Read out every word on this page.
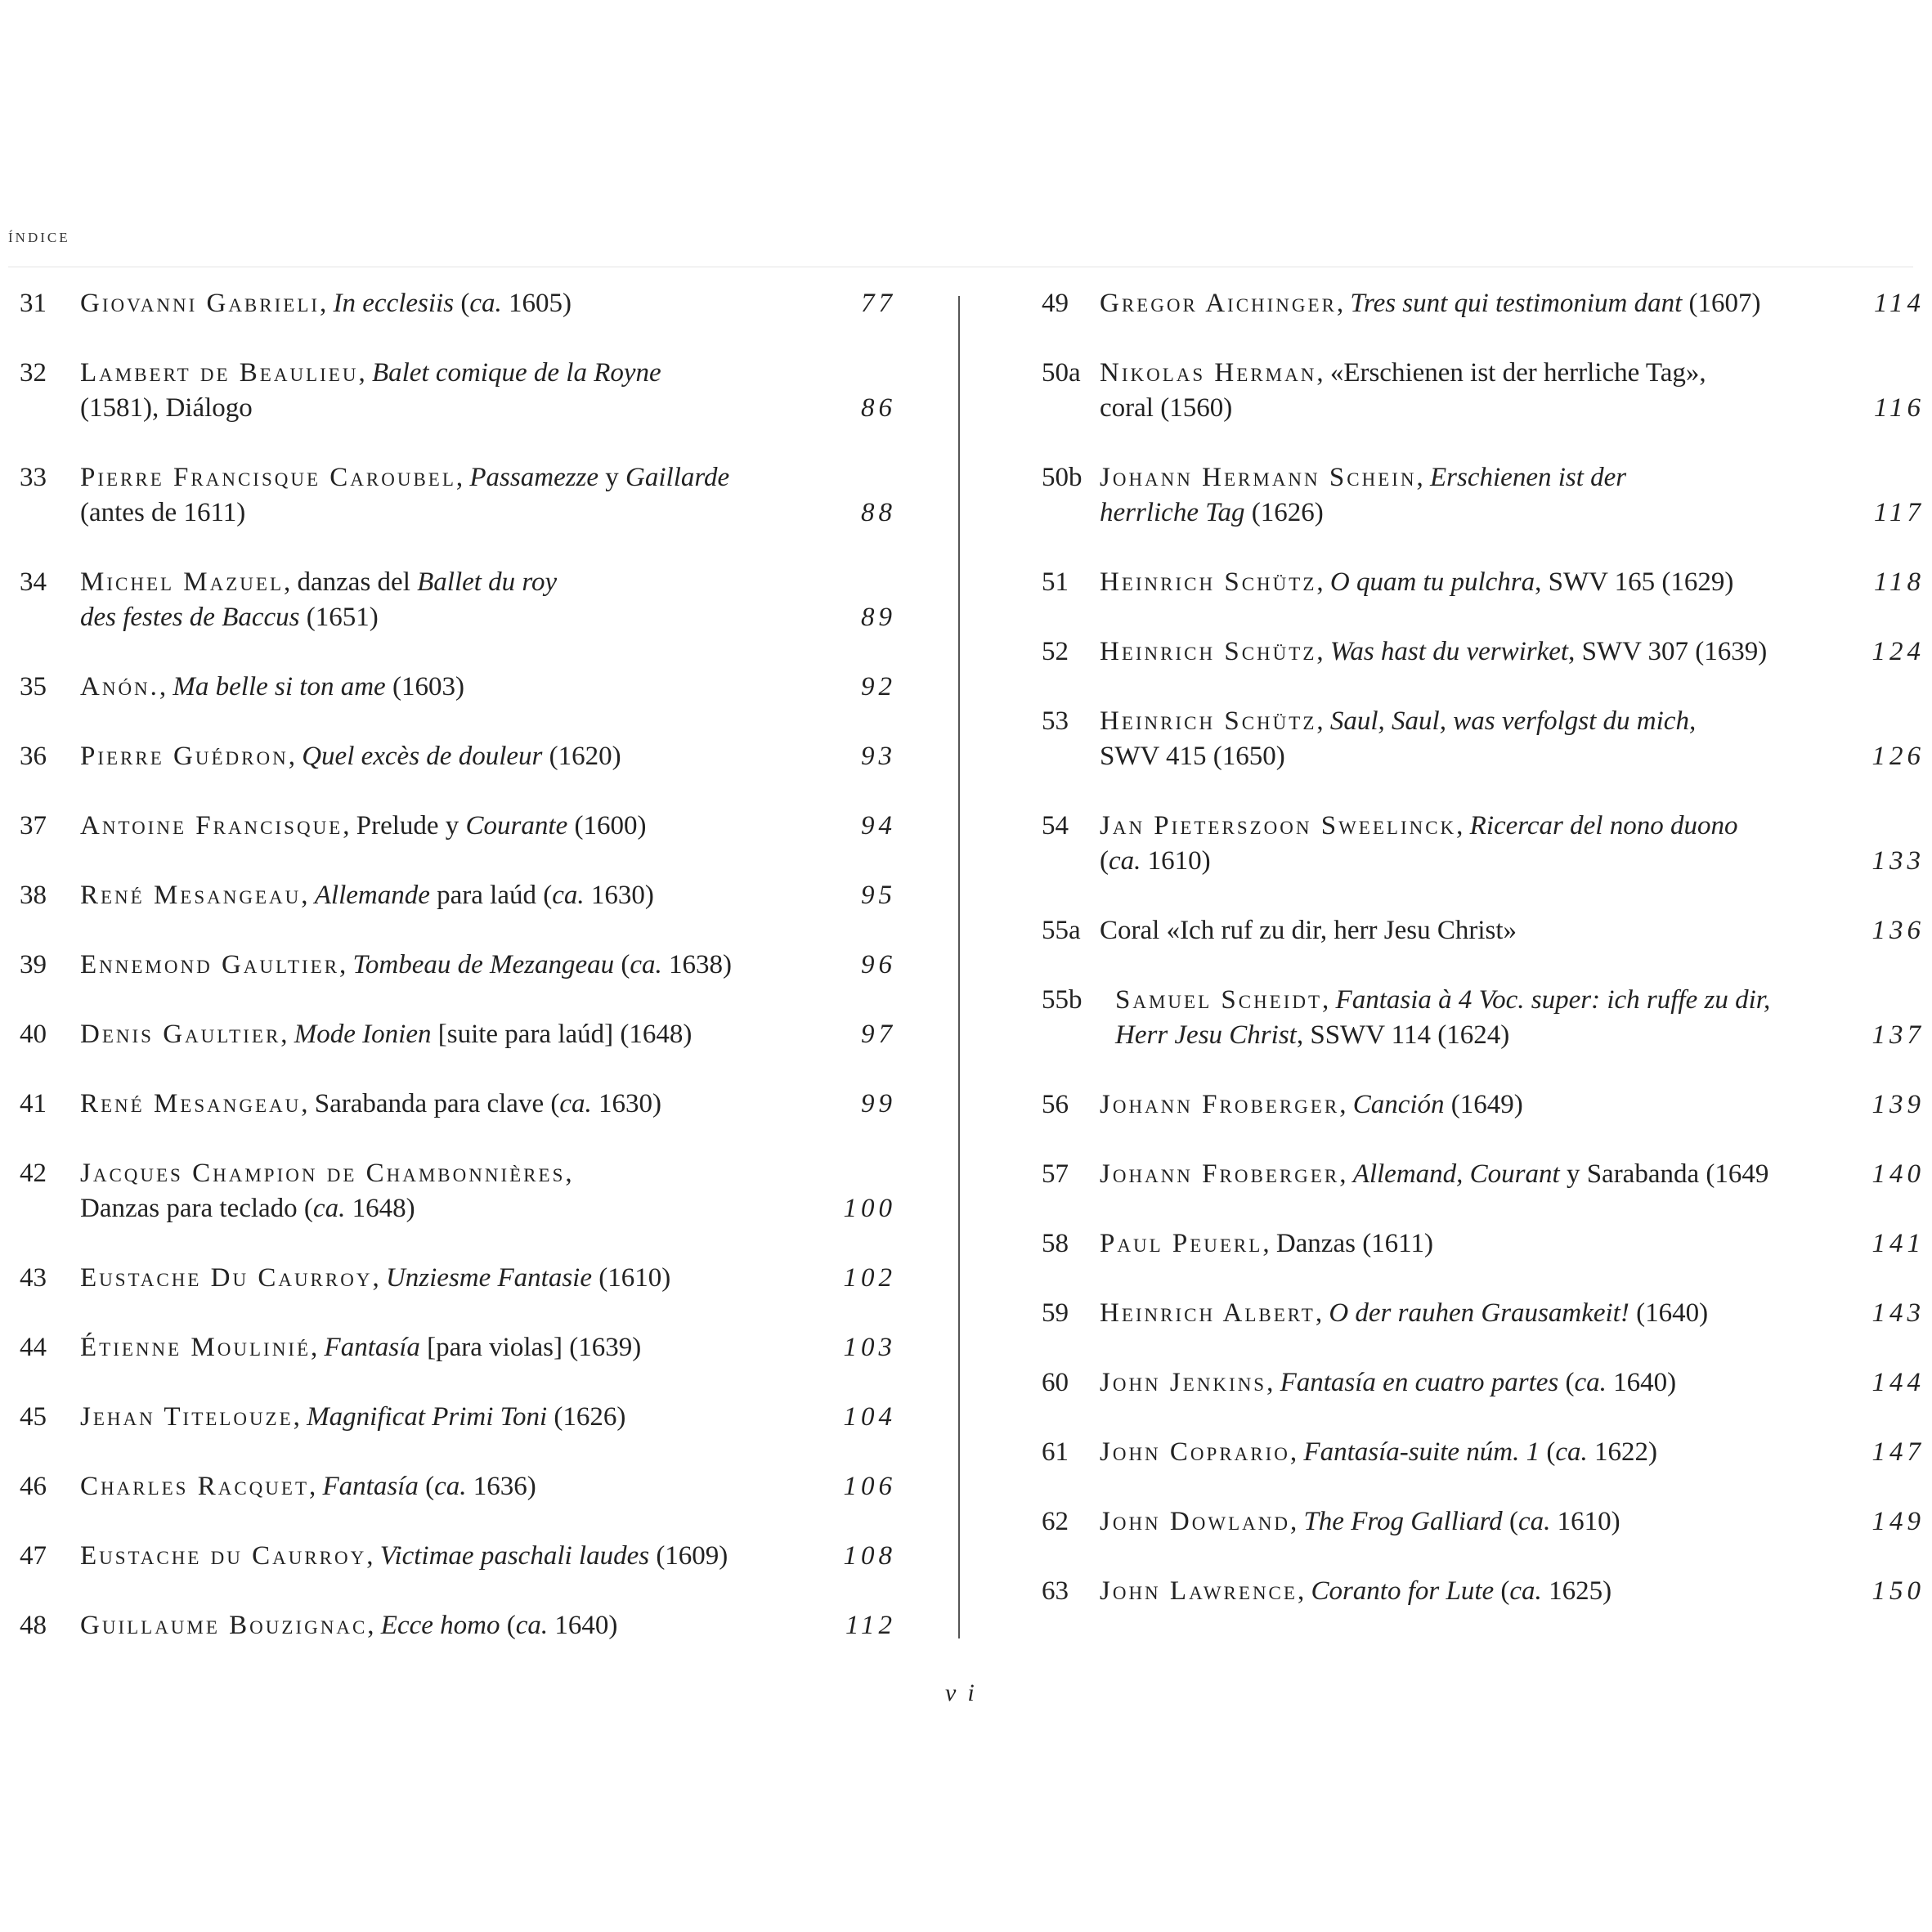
índice
31 Giovanni Gabrieli, In ecclesiis (ca. 1605)	77
32 Lambert de Beaulieu, Balet comique de la Royne
(1581), Diálogo	86
33 Pierre Francisque Caroubel, Passamezze y Gaillarde
(antes de 1611)	88
34 Michel Mazuel, danzas del Ballet du roy
des festes de Baccus (1651)	89
35 Anón., Ma belle si ton ame (1603)	92
36 Pierre Guédron, Quel excès de douleur (1620)	93
37 Antoine Francisque, Prelude y Courante (1600)	94
38 René Mesangeau, Allemande para laúd (ca. 1630)	95
39 Ennemond Gaultier, Tombeau de Mezangeau (ca. 1638)	96
40 Denis Gaultier, Mode Ionien [suite para laúd] (1648)	97
41 René Mesangeau, Sarabanda para clave (ca. 1630)	99
42 Jacques Champion de Chambonnières,
Danzas para teclado (ca. 1648)	100
43 Eustache Du Caurroy, Unziesme Fantasie (1610)	102
44 Étienne Moulinié, Fantasía [para violas] (1639)	103
45 Jehan Titelouze, Magnificat Primi Toni (1626)	104
46 Charles Racquet, Fantasía (ca. 1636)	106
47 Eustache du Caurroy, Victimae paschali laudes (1609)	108
48 Guillaume Bouzignac, Ecce homo (ca. 1640)	112
49 Gregor Aichinger, Tres sunt qui testimonium dant (1607)	114
50a Nikolas Herman, «Erschienen ist der herrliche Tag»,
coral (1560)	116
50b Johann Hermann Schein, Erschienen ist der
herrliche Tag (1626)	117
51 Heinrich Schütz, O quam tu pulchra, SWV 165 (1629)	118
52 Heinrich Schütz, Was hast du verwirket, SWV 307 (1639)	124
53 Heinrich Schütz, Saul, Saul, was verfolgst du mich,
SWV 415 (1650)	126
54 Jan Pieterszoon Sweelinck, Ricercar del nono duono
(ca. 1610)	133
55a Coral «Ich ruf zu dir, herr Jesu Christ»	136
55b Samuel Scheidt, Fantasia à 4 Voc. super: ich ruffe zu dir,
Herr Jesu Christ, SSWV 114 (1624)	137
56 Johann Froberger, Canción (1649)	139
57 Johann Froberger, Allemand, Courant y Sarabanda (1649	140
58 Paul Peuerl, Danzas (1611)	141
59 Heinrich Albert, O der rauhen Grausamkeit! (1640)	143
60 John Jenkins, Fantasía en cuatro partes (ca. 1640)	144
61 John Coprario, Fantasía-suite núm. 1 (ca. 1622)	147
62 John Dowland, The Frog Galliard (ca. 1610)	149
63 John Lawrence, Coranto for Lute (ca. 1625)	150
vi
